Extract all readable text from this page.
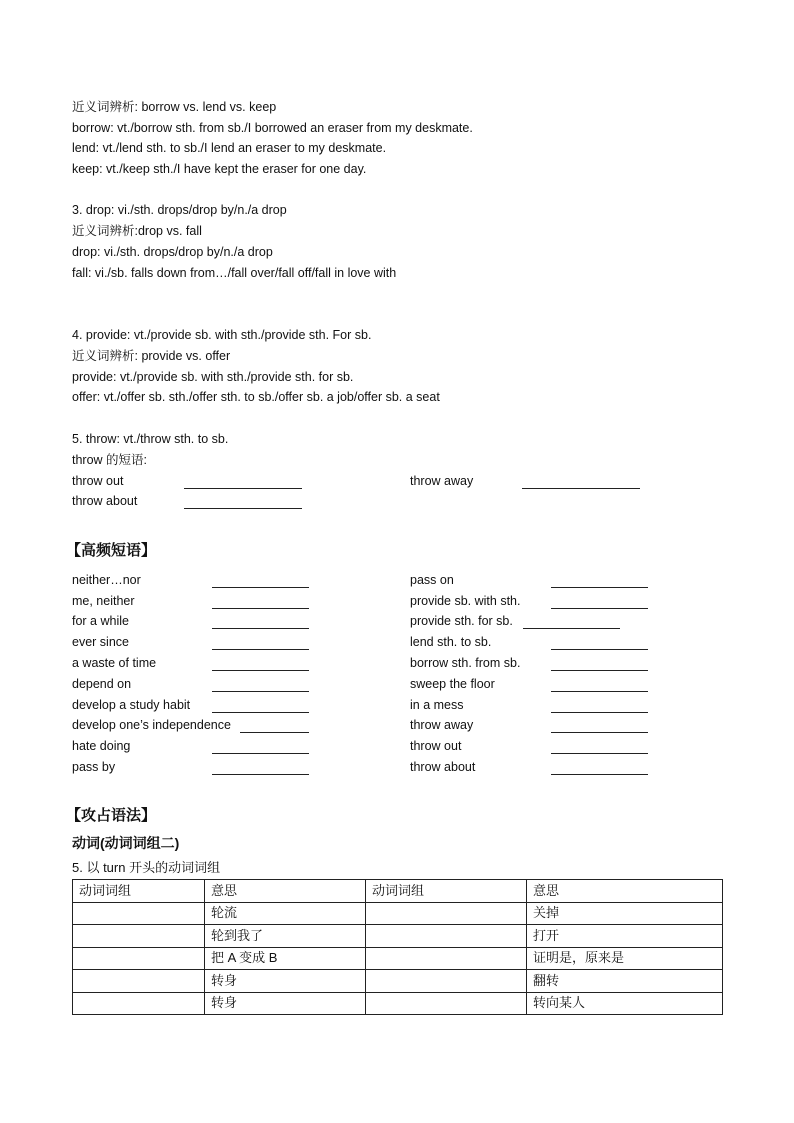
近义词辨析: borrow vs. lend vs. keep
borrow: vt./borrow sth. from sb./I borrowed an eraser from my deskmate.
lend: vt./lend sth. to sb./I lend an eraser to my deskmate.
keep: vt./keep sth./I have kept the eraser for one day.
3. drop: vi./sth. drops/drop by/n./a drop
近义词辨析:drop vs. fall
drop: vi./sth. drops/drop by/n./a drop
fall: vi./sb. falls down from…/fall over/fall off/fall in love with
4. provide: vt./provide sb. with sth./provide sth. For sb.
近义词辨析: provide vs. offer
provide: vt./provide sb. with sth./provide sth. for sb.
offer: vt./offer sb. sth./offer sth. to sb./offer sb. a job/offer sb. a seat
5. throw: vt./throw sth. to sb.
throw 的短语:
throw out	throw away
throw about
【高频短语】
neither…nor	pass on
me, neither	provide sb. with sth.
for a while	provide sth. for sb.
ever since	lend sth. to sb.
a waste of time	borrow sth. from sb.
depend on	sweep the floor
develop a study habit	in a mess
develop one’s independence	throw away
hate doing	throw out
pass by	throw about
【攻占语法】
动词(动词词组二)
5. 以 turn 开头的动词词组
动词词组	意思	动词词组	意思
	轮流		关掉
	轮到我了		打开
	把 A 变成 B		证明是，原来是
	转身		翻转
	转身		转向某人
